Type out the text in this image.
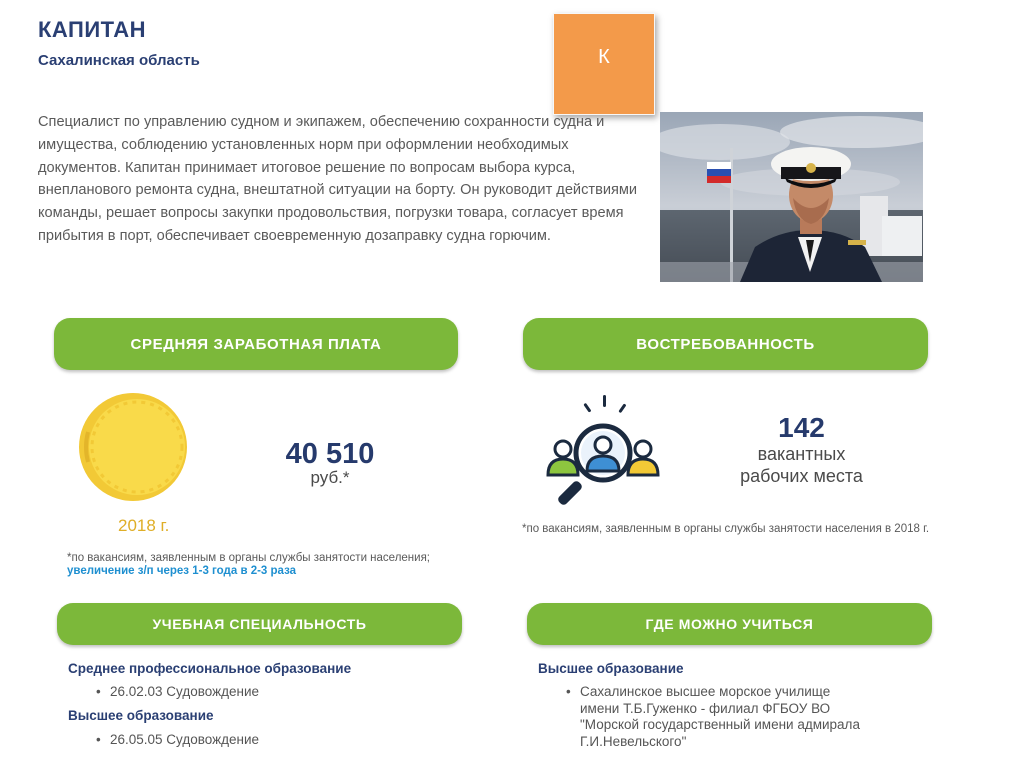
КАПИТАН
Сахалинская область	К
Специалист по управлению судном и экипажем, обеспечению сохранности судна и имущества, соблюдению установленных норм при оформлении необходимых документов. Капитан принимает итоговое решение по вопросам выбора курса, внепланового ремонта судна, внештатной ситуации на борту. Он руководит действиями команды, решает вопросы закупки продовольствия, погрузки товара, согласует время прибытия в порт, обеспечивает своевременную дозаправку судна горючим.
СРЕДНЯЯ ЗАРАБОТНАЯ ПЛАТА	ВОСТРЕБОВАННОСТЬ
2018 г.
40 510
руб.*
*по вакансиям, заявленным в органы службы занятости населения;
увеличение з/п через 1-3 года в 2-3 раза
142
вакантных
рабочих места
*по вакансиям, заявленным в органы службы занятости населения в 2018 г.
УЧЕБНАЯ СПЕЦИАЛЬНОСТЬ	ГДЕ МОЖНО УЧИТЬСЯ
Среднее профессиональное образование
• 26.02.03 Судовождение
Высшее образование
• 26.05.05 Судовождение
Высшее образование
• Сахалинское высшее морское училище
имени Т.Б.Гуженко - филиал ФГБОУ ВО
"Морской государственный имени адмирала
Г.И.Невельского"
